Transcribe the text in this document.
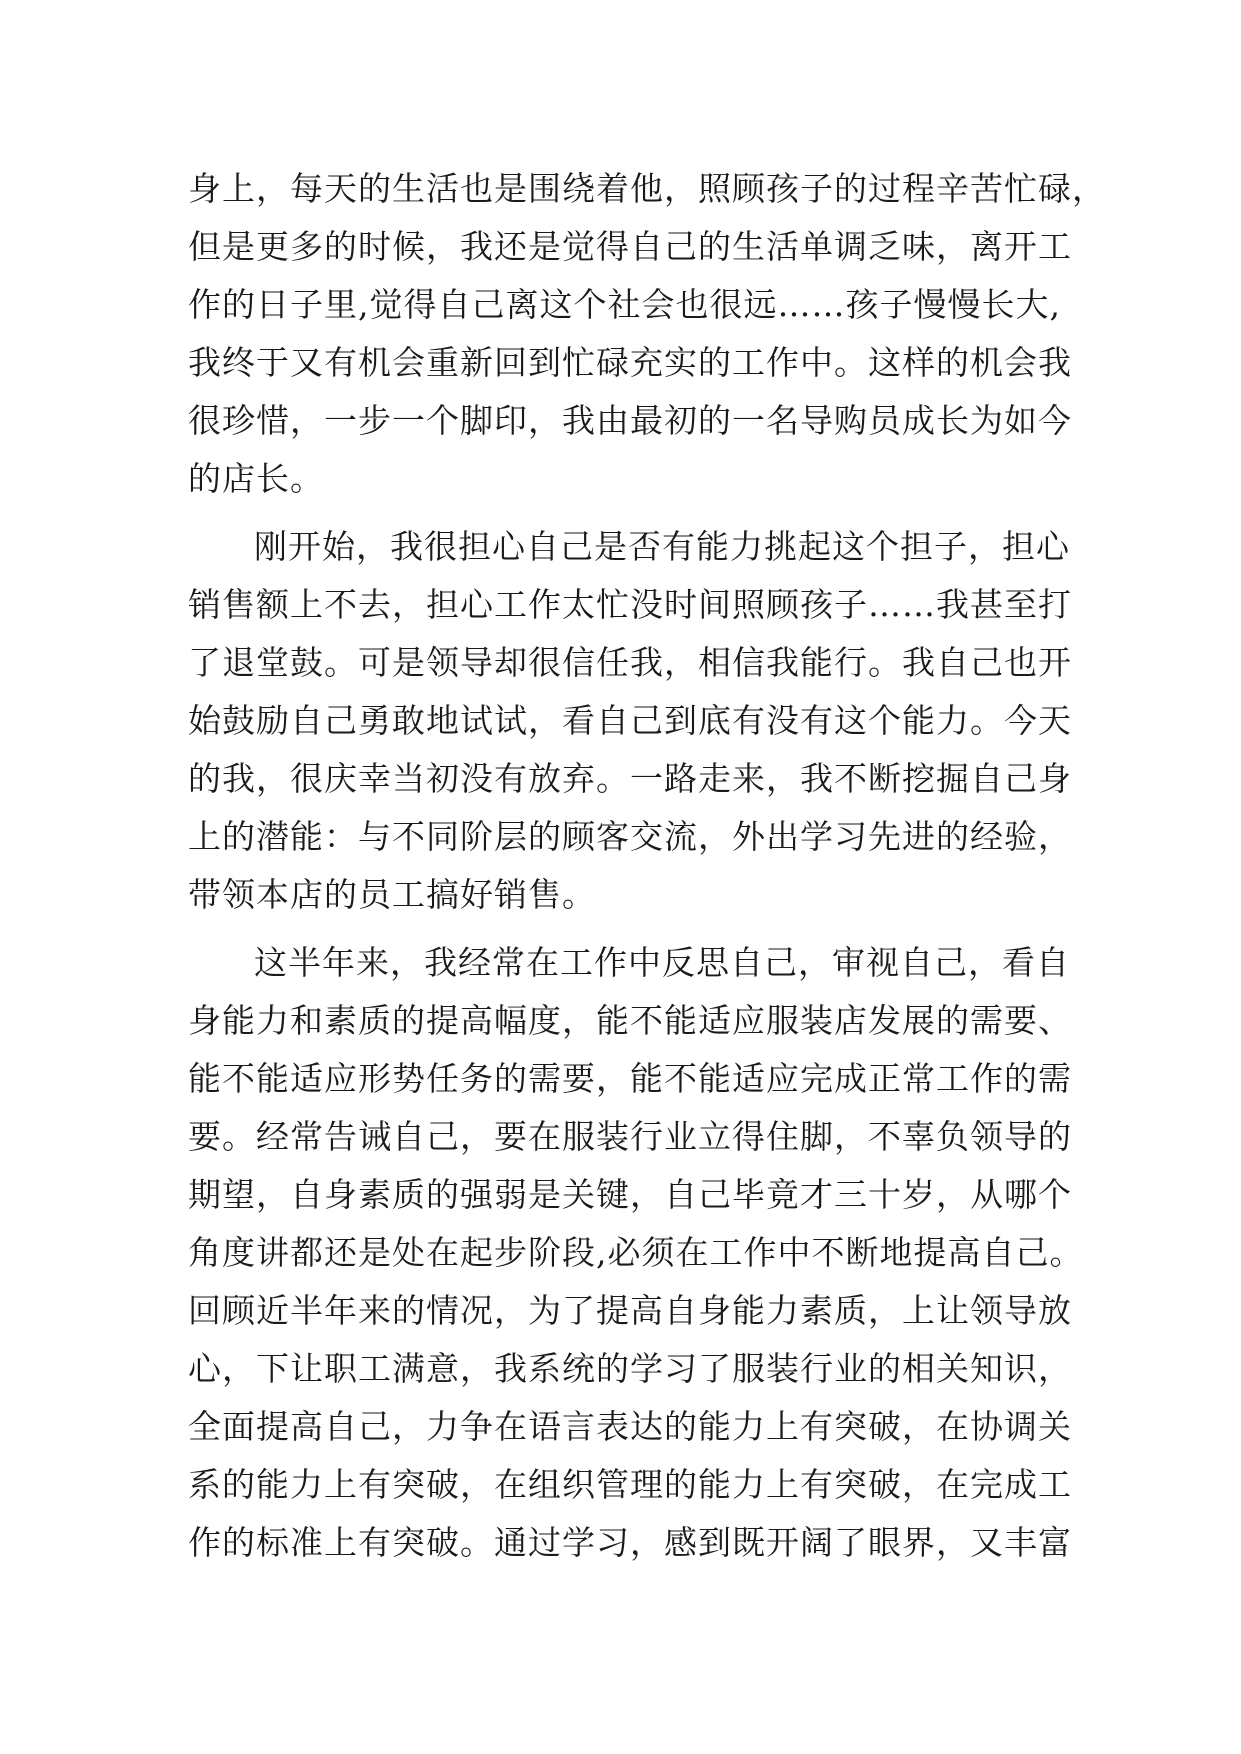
身上，每天的生活也是围绕着他，照顾孩子的过程辛苦忙碌，
但是更多的时候，我还是觉得自己的生活单调乏味，离开工
作的日子里,觉得自己离这个社会也很远……孩子慢慢长大,
我终于又有机会重新回到忙碌充实的工作中。这样的机会我
很珍惜，一步一个脚印，我由最初的一名导购员成长为如今
的店长。
刚开始，我很担心自己是否有能力挑起这个担子，担心
销售额上不去，担心工作太忙没时间照顾孩子……我甚至打
了退堂鼓。可是领导却很信任我，相信我能行。我自己也开
始鼓励自己勇敢地试试，看自己到底有没有这个能力。今天
的我，很庆幸当初没有放弃。一路走来，我不断挖掘自己身
上的潜能：与不同阶层的顾客交流，外出学习先进的经验，
带领本店的员工搞好销售。
这半年来，我经常在工作中反思自己，审视自己，看自
身能力和素质的提高幅度，能不能适应服装店发展的需要、
能不能适应形势任务的需要，能不能适应完成正常工作的需
要。经常告诫自己，要在服装行业立得住脚，不辜负领导的
期望，自身素质的强弱是关键，自己毕竟才三十岁，从哪个
角度讲都还是处在起步阶段,必须在工作中不断地提高自己。
回顾近半年来的情况，为了提高自身能力素质，上让领导放
心，下让职工满意，我系统的学习了服装行业的相关知识，
全面提高自己，力争在语言表达的能力上有突破，在协调关
系的能力上有突破，在组织管理的能力上有突破，在完成工
作的标准上有突破。通过学习，感到既开阔了眼界，又丰富
